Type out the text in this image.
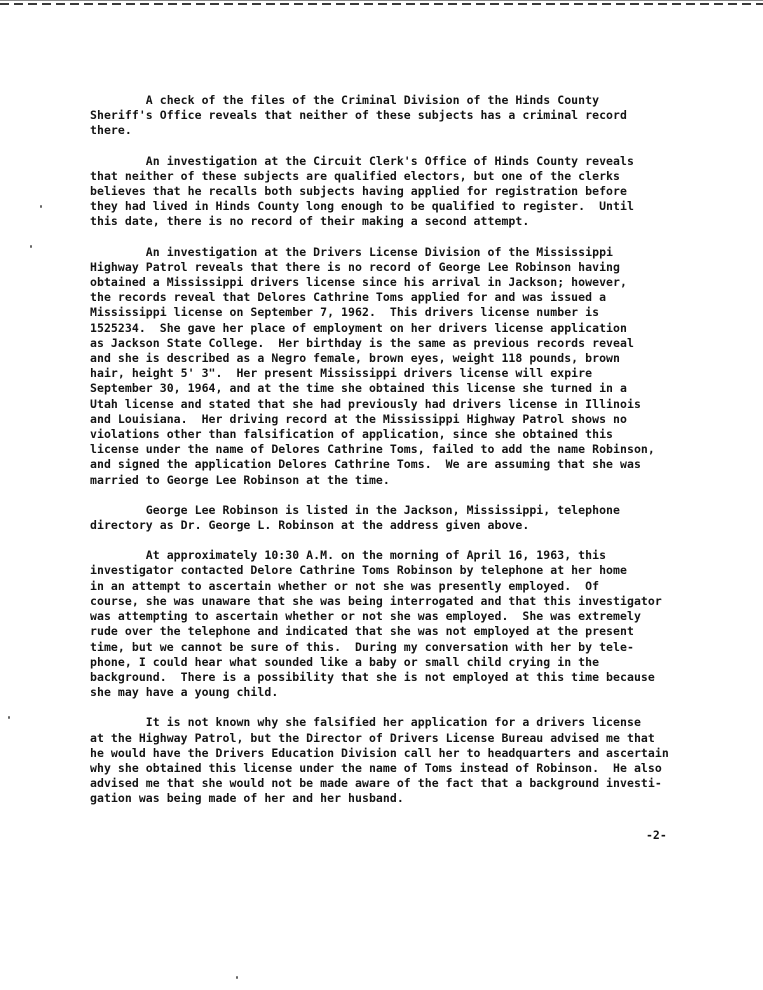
A check of the files of the Criminal Division of the Hinds County
Sheriff's Office reveals that neither of these subjects has a criminal record
there.
An investigation at the Circuit Clerk's Office of Hinds County reveals
that neither of these subjects are qualified electors, but one of the clerks
believes that he recalls both subjects having applied for registration before
they had lived in Hinds County long enough to be qualified to register.  Until
this date, there is no record of their making a second attempt.
An investigation at the Drivers License Division of the Mississippi
Highway Patrol reveals that there is no record of George Lee Robinson having
obtained a Mississippi drivers license since his arrival in Jackson; however,
the records reveal that Delores Cathrine Toms applied for and was issued a
Mississippi license on September 7, 1962.  This drivers license number is
1525234.  She gave her place of employment on her drivers license application
as Jackson State College.  Her birthday is the same as previous records reveal
and she is described as a Negro female, brown eyes, weight 118 pounds, brown
hair, height 5' 3".  Her present Mississippi drivers license will expire
September 30, 1964, and at the time she obtained this license she turned in a
Utah license and stated that she had previously had drivers license in Illinois
and Louisiana.  Her driving record at the Mississippi Highway Patrol shows no
violations other than falsification of application, since she obtained this
license under the name of Delores Cathrine Toms, failed to add the name Robinson,
and signed the application Delores Cathrine Toms.  We are assuming that she was
married to George Lee Robinson at the time.
George Lee Robinson is listed in the Jackson, Mississippi, telephone
directory as Dr. George L. Robinson at the address given above.
At approximately 10:30 A.M. on the morning of April 16, 1963, this
investigator contacted Delore Cathrine Toms Robinson by telephone at her home
in an attempt to ascertain whether or not she was presently employed.  Of
course, she was unaware that she was being interrogated and that this investigator
was attempting to ascertain whether or not she was employed.  She was extremely
rude over the telephone and indicated that she was not employed at the present
time, but we cannot be sure of this.  During my conversation with her by tele-
phone, I could hear what sounded like a baby or small child crying in the
background.  There is a possibility that she is not employed at this time because
she may have a young child.
It is not known why she falsified her application for a drivers license
at the Highway Patrol, but the Director of Drivers License Bureau advised me that
he would have the Drivers Education Division call her to headquarters and ascertain
why she obtained this license under the name of Toms instead of Robinson.  He also
advised me that she would not be made aware of the fact that a background investi-
gation was being made of her and her husband.
-2-
